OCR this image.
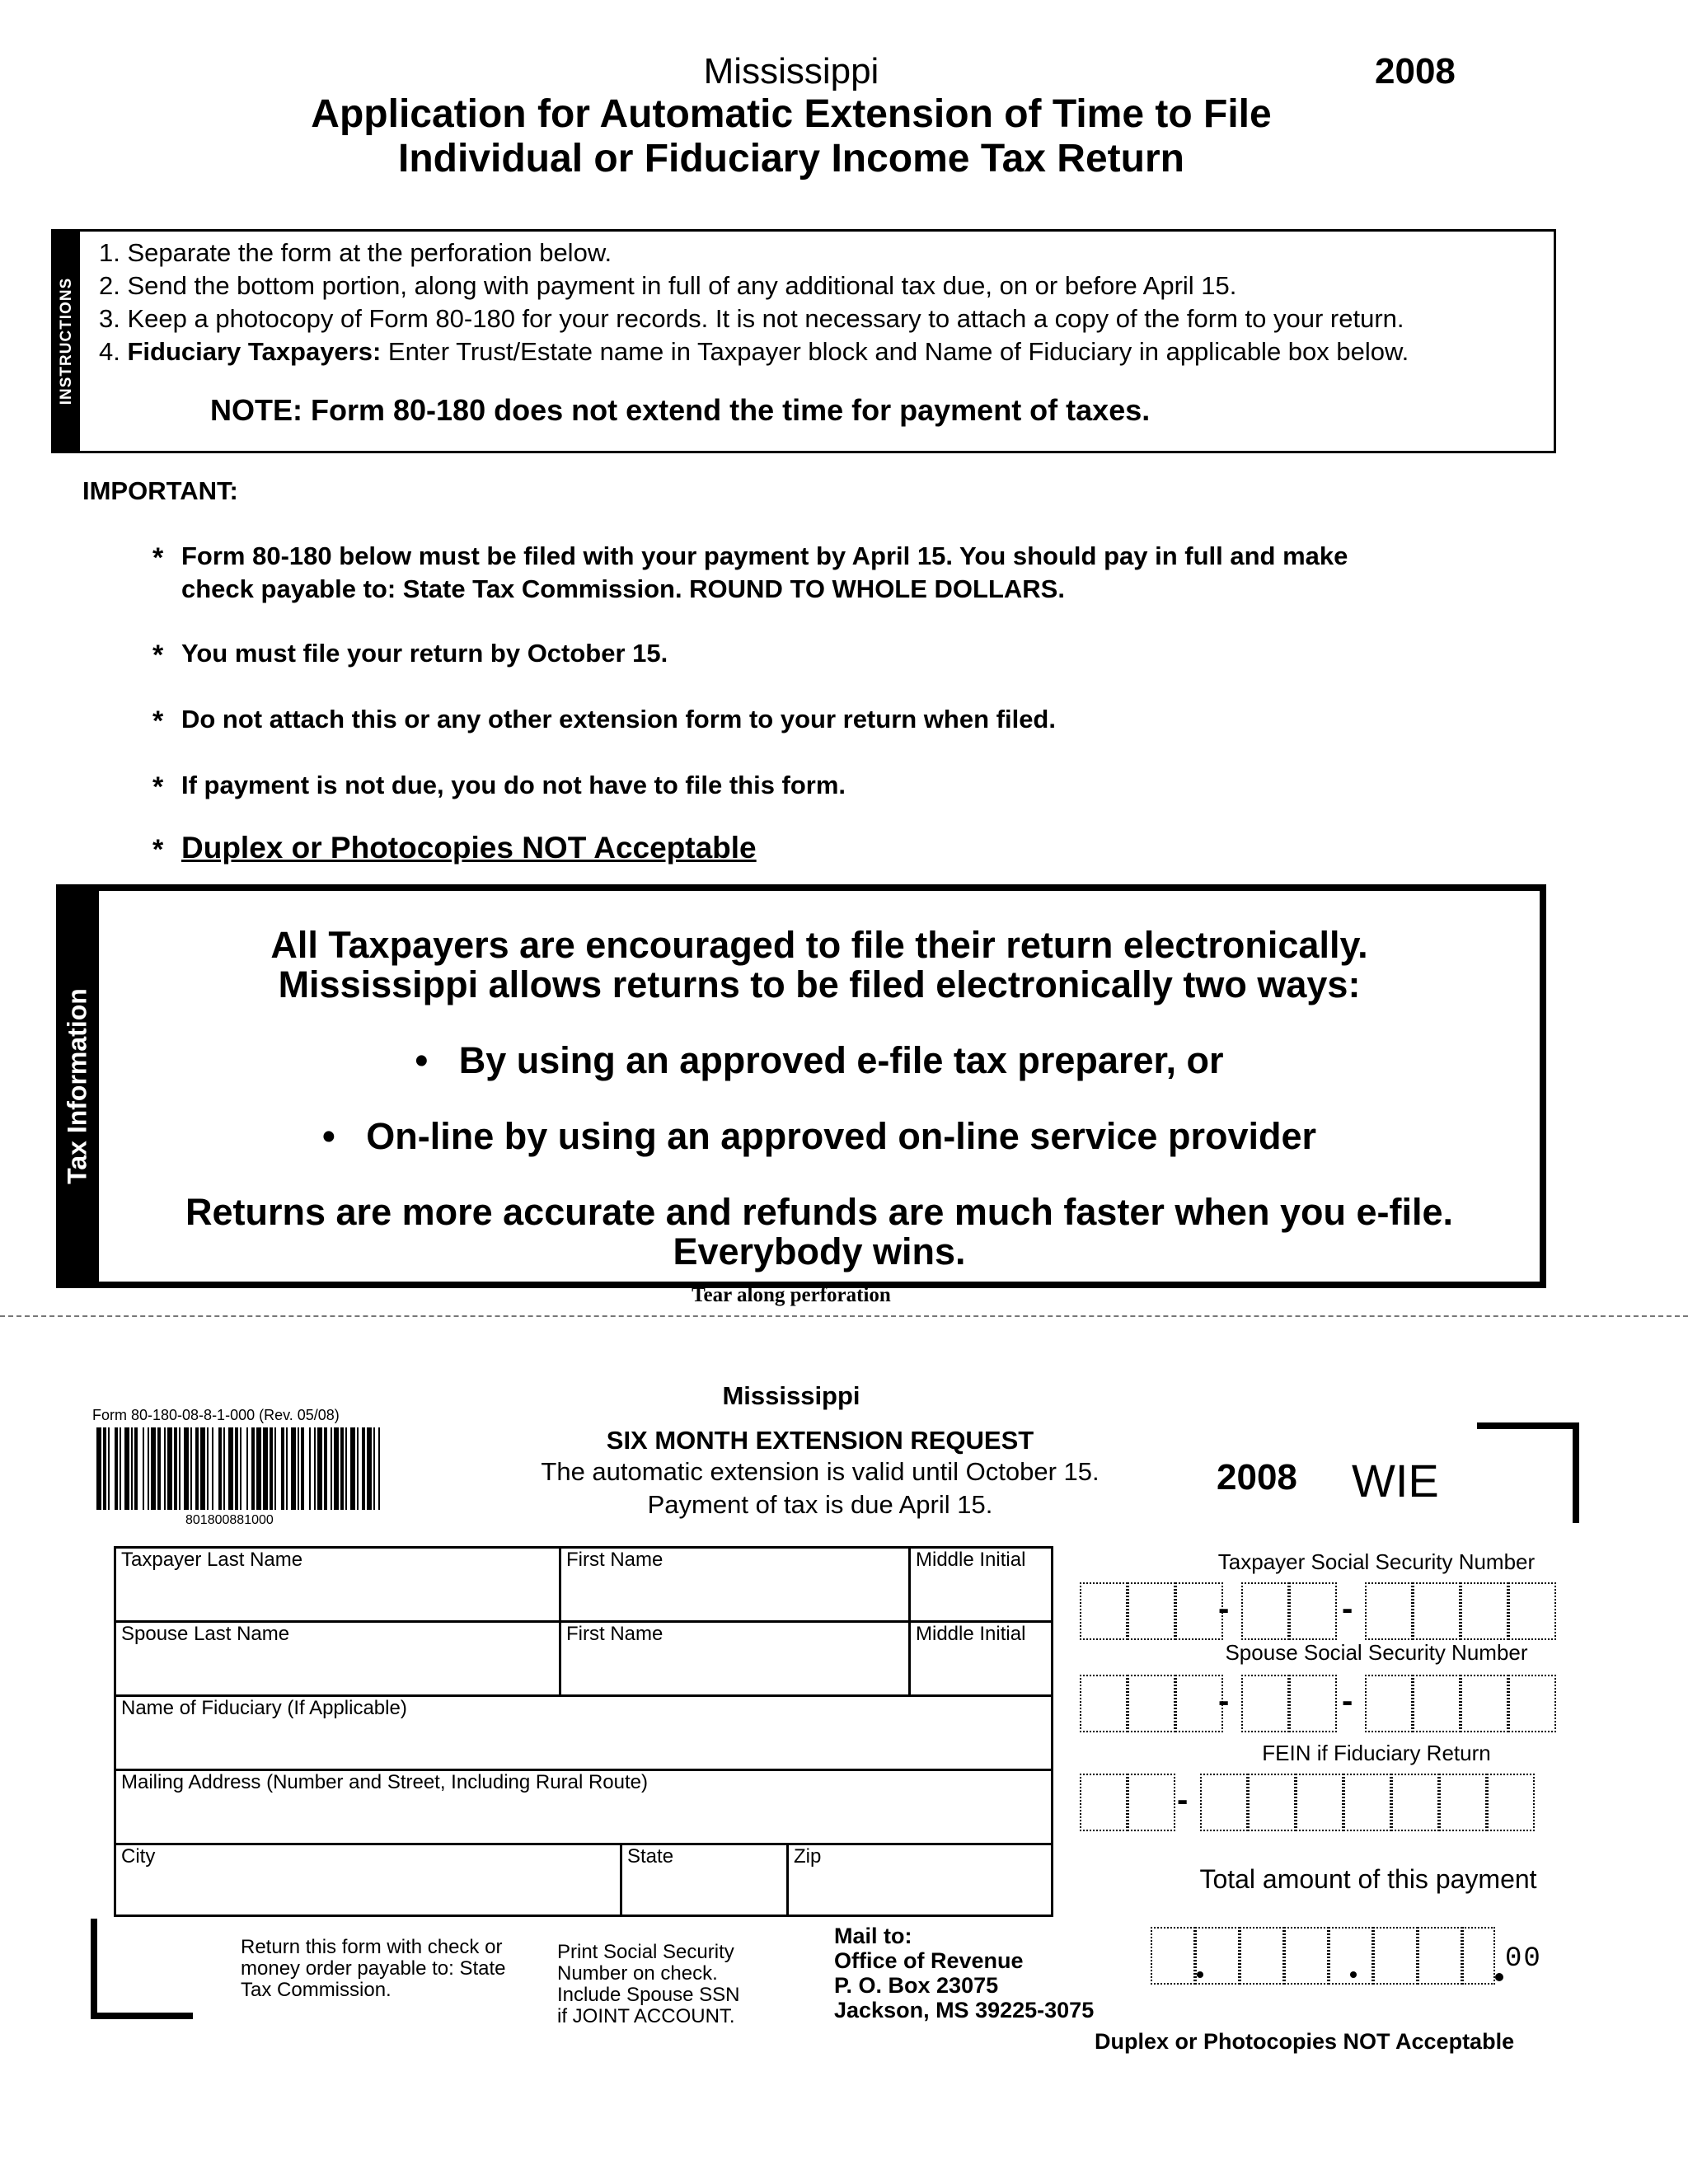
Mississippi	2008
Application for Automatic Extension of Time to File
Individual or Fiduciary Income Tax Return
INSTRUCTIONS
1. Separate the form at the perforation below.
2. Send the bottom portion, along with payment in full of any additional tax due, on or before April 15.
3. Keep a photocopy of Form 80-180 for your records. It is not necessary to attach a copy of the form to your return.
4. Fiduciary Taxpayers: Enter Trust/Estate name in Taxpayer block and Name of Fiduciary in applicable box below.
NOTE: Form 80-180 does not extend the time for payment of taxes.
IMPORTANT:
* Form 80-180 below must be filed with your payment by April 15. You should pay in full and make
check payable to: State Tax Commission. ROUND TO WHOLE DOLLARS.
* You must file your return by October 15.
* Do not attach this or any other extension form to your return when filed.
* If payment is not due, you do not have to file this form.
* Duplex or Photocopies NOT Acceptable
Tax Information
All Taxpayers are encouraged to file their return electronically.
Mississippi allows returns to be filed electronically two ways:
• By using an approved e-file tax preparer, or
• On-line by using an approved on-line service provider
Returns are more accurate and refunds are much faster when you e-file.
Everybody wins.
Tear along perforation
Mississippi
Form 80-180-08-8-1-000 (Rev. 05/08)
801800881000
SIX MONTH EXTENSION REQUEST
The automatic extension is valid until October 15.
Payment of tax is due April 15.
2008 WIE
Taxpayer Last Name	First Name	Middle Initial
Spouse Last Name	First Name	Middle Initial
Name of Fiduciary (If Applicable)
Mailing Address (Number and Street, Including Rural Route)
City	State	Zip
Taxpayer Social Security Number
-	-
Spouse Social Security Number
-	-
FEIN if Fiduciary Return
-
Total amount of this payment
00
Return this form with check or
money order payable to: State
Tax Commission.
Print Social Security
Number on check.
Include Spouse SSN
if JOINT ACCOUNT.
Mail to:
Office of Revenue
P. O. Box 23075
Jackson, MS 39225-3075
Duplex or Photocopies NOT Acceptable
